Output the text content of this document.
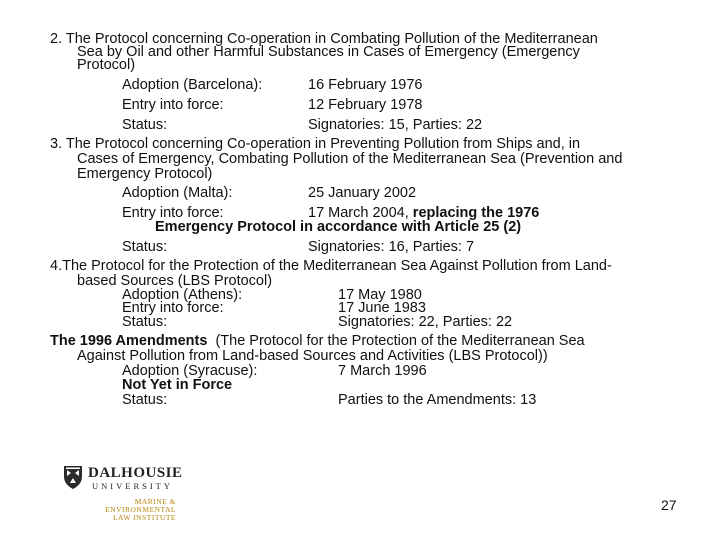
2. The Protocol concerning Co-operation in Combating Pollution of the Mediterranean
Sea by Oil and other Harmful Substances in Cases of Emergency (Emergency
Protocol)
Adoption (Barcelona):	16 February 1976
Entry into force:	12 February 1978
Status:	Signatories: 15, Parties: 22
3. The Protocol concerning Co-operation in Preventing Pollution from Ships and, in
Cases of Emergency, Combating Pollution of the Mediterranean Sea (Prevention and
Emergency Protocol)
Adoption (Malta):	25 January 2002
Entry into force:	17 March 2004, replacing the 1976
Emergency Protocol in accordance with Article 25 (2)
Status:	Signatories: 16, Parties: 7
4.The Protocol for the Protection of the Mediterranean Sea Against Pollution from Land-
based Sources (LBS Protocol)
Adoption (Athens):	17 May 1980
Entry into force:	17 June 1983
Status:	Signatories: 22, Parties: 22
The 1996 Amendments  (The Protocol for the Protection of the Mediterranean Sea
Against Pollution from Land-based Sources and Activities (LBS Protocol))
Adoption (Syracuse):	7 March 1996
Not Yet in Force
Status:	Parties to the Amendments: 13
DALHOUSIE
UNIVERSITY
MARINE &
ENVIRONMENTAL
LAW INSTITUTE
27
